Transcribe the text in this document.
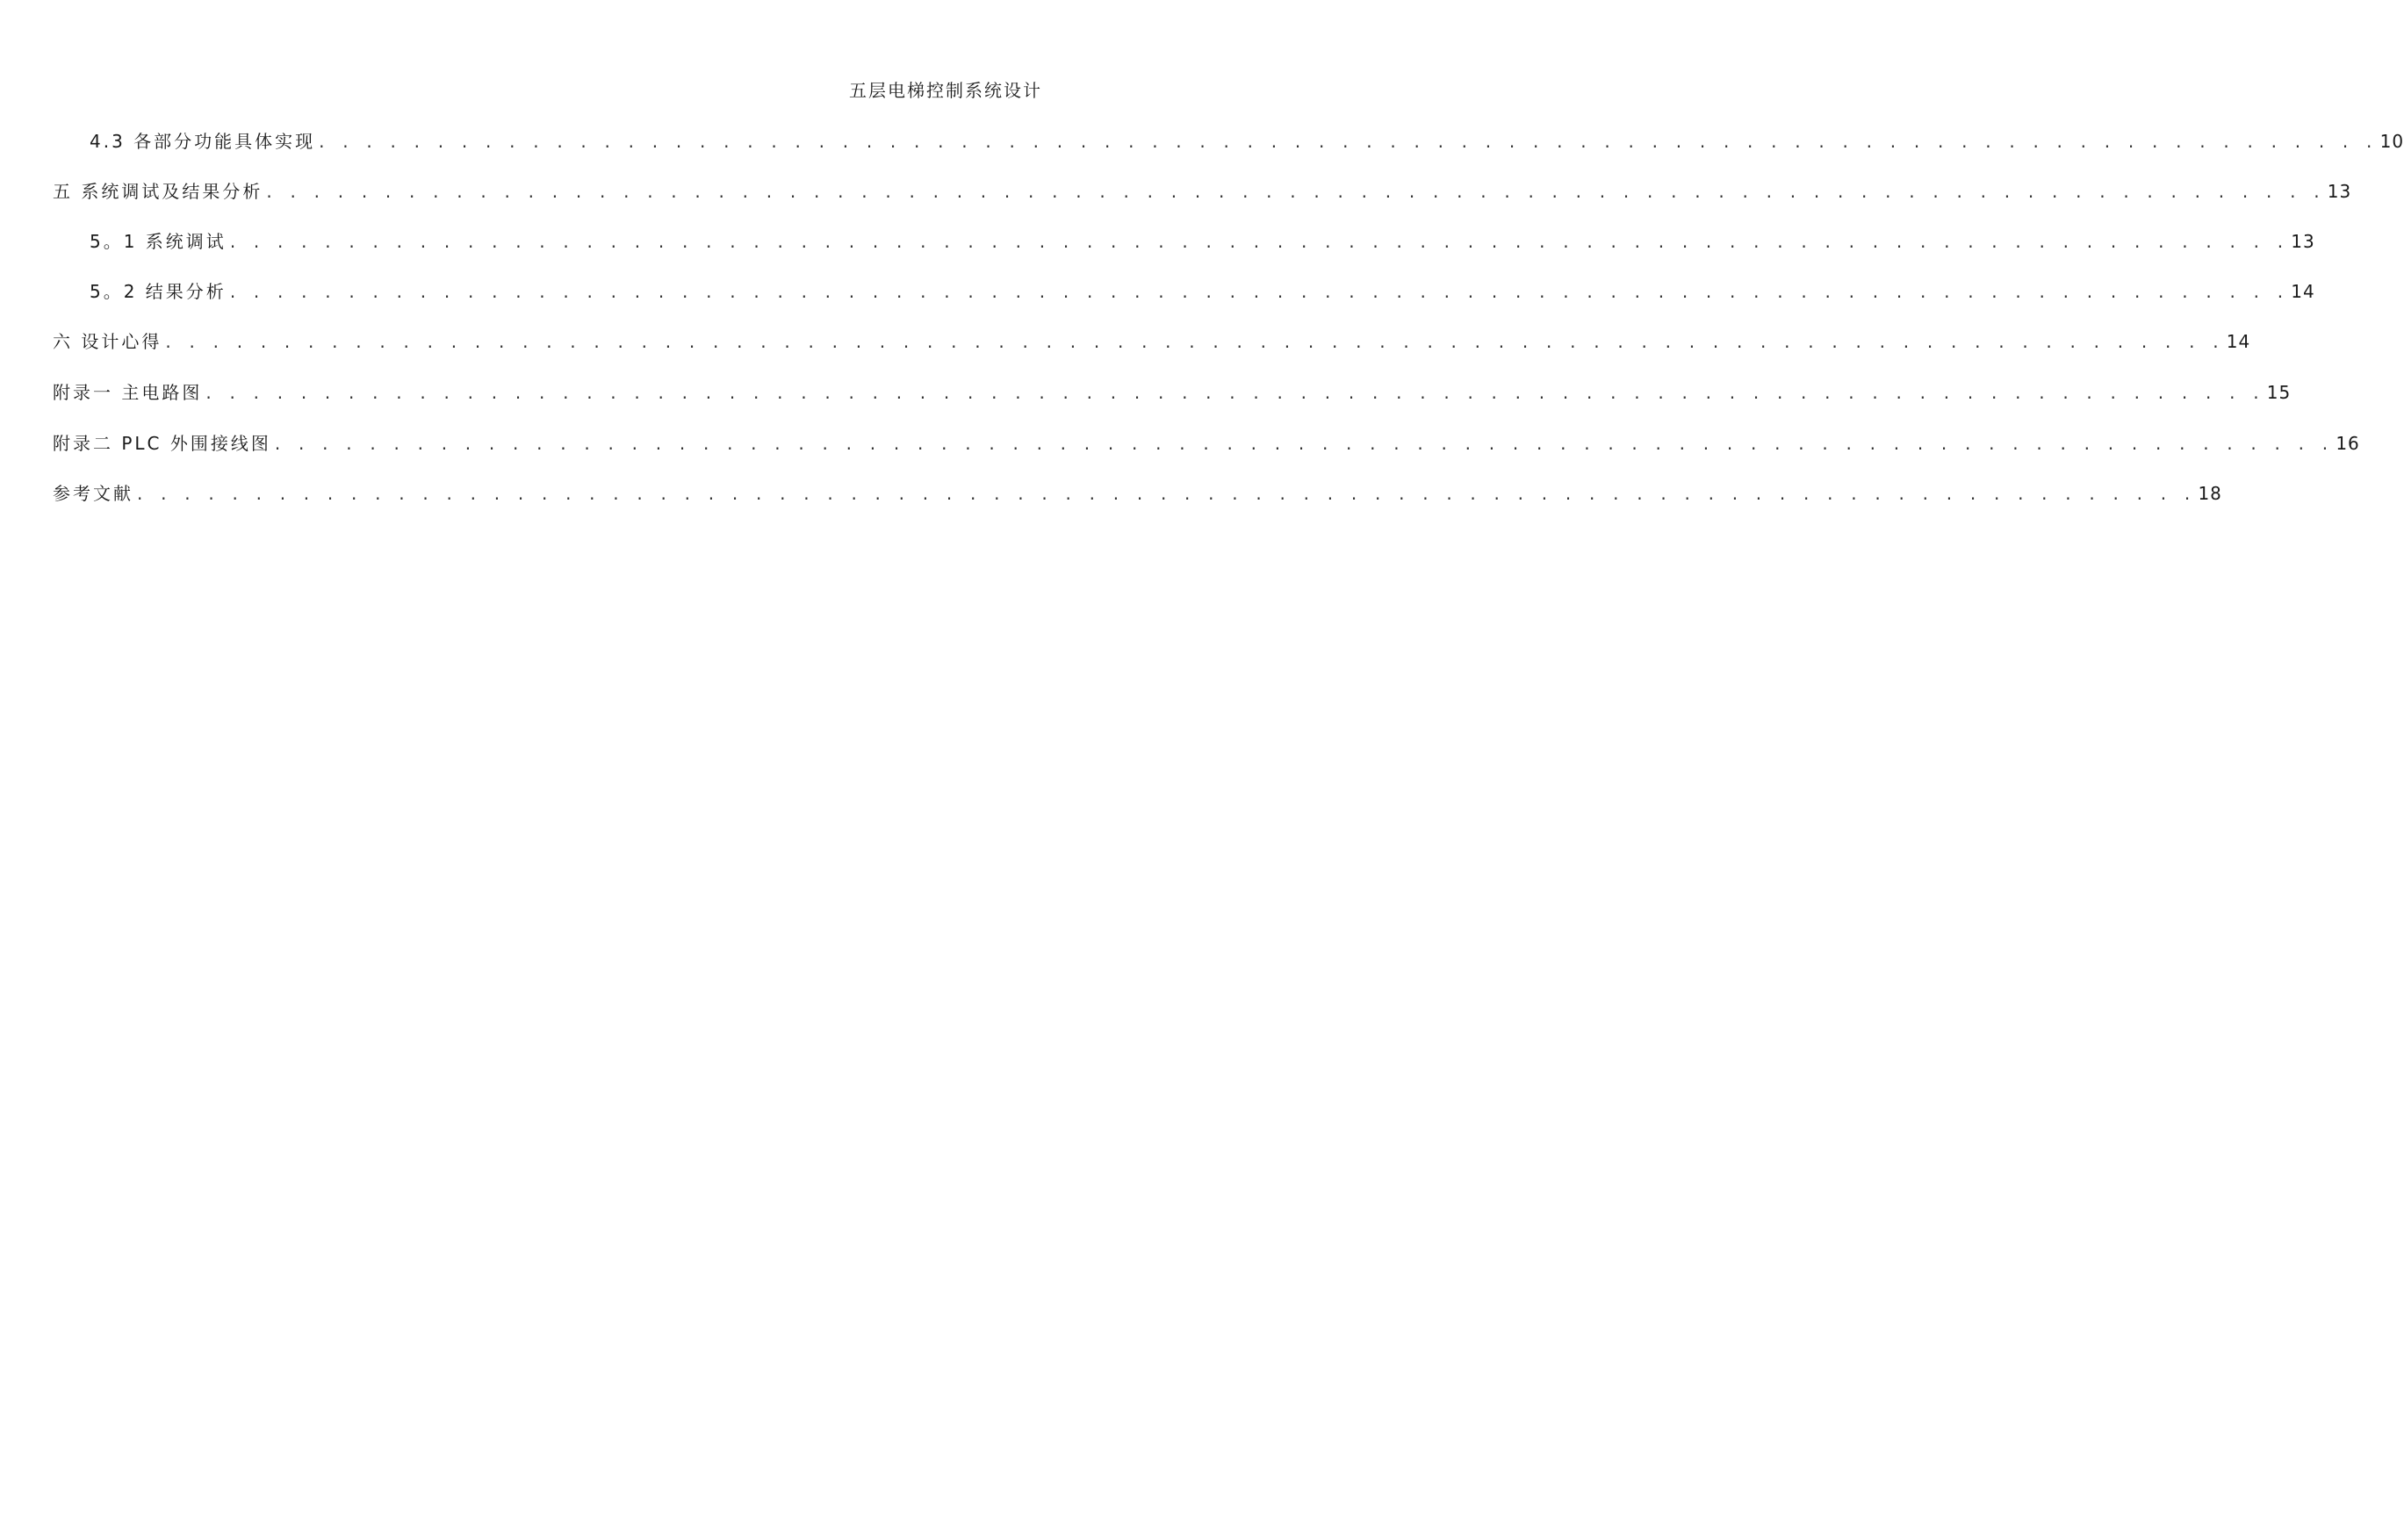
五层电梯控制系统设计
4.3 各部分功能具体实现 . . . . . . . . . . . . . . . . . . . . . . . . . . . . . . . . . . . . . . . . . . . . . . . . . . . . . . . . . . . . . . . . . . . . . . . . . . . . . . . . . . . . . . . 10
五 系统调试及结果分析 . . . . . . . . . . . . . . . . . . . . . . . . . . . . . . . . . . . . . . . . . . . . . . . . . . . . . . . . . . . . . . . . . . . . . . . . . . . . . . . . . . . . . . . 13
5。1 系统调试 . . . . . . . . . . . . . . . . . . . . . . . . . . . . . . . . . . . . . . . . . . . . . . . . . . . . . . . . . . . . . . . . . . . . . . . . . . . . . . . . . . . . . . . 13
5。2 结果分析 . . . . . . . . . . . . . . . . . . . . . . . . . . . . . . . . . . . . . . . . . . . . . . . . . . . . . . . . . . . . . . . . . . . . . . . . . . . . . . . . . . . . . . . 14
六 设计心得 . . . . . . . . . . . . . . . . . . . . . . . . . . . . . . . . . . . . . . . . . . . . . . . . . . . . . . . . . . . . . . . . . . . . . . . . . . . . . . . . . . . . . . . 14
附录一 主电路图 . . . . . . . . . . . . . . . . . . . . . . . . . . . . . . . . . . . . . . . . . . . . . . . . . . . . . . . . . . . . . . . . . . . . . . . . . . . . . . . . . . . . . . . 15
附录二 PLC 外围接线图 . . . . . . . . . . . . . . . . . . . . . . . . . . . . . . . . . . . . . . . . . . . . . . . . . . . . . . . . . . . . . . . . . . . . . . . . . . . . . . . . . . . . . . . 16
参考文献 . . . . . . . . . . . . . . . . . . . . . . . . . . . . . . . . . . . . . . . . . . . . . . . . . . . . . . . . . . . . . . . . . . . . . . . . . . . . . . . . . . . . . . . 18
